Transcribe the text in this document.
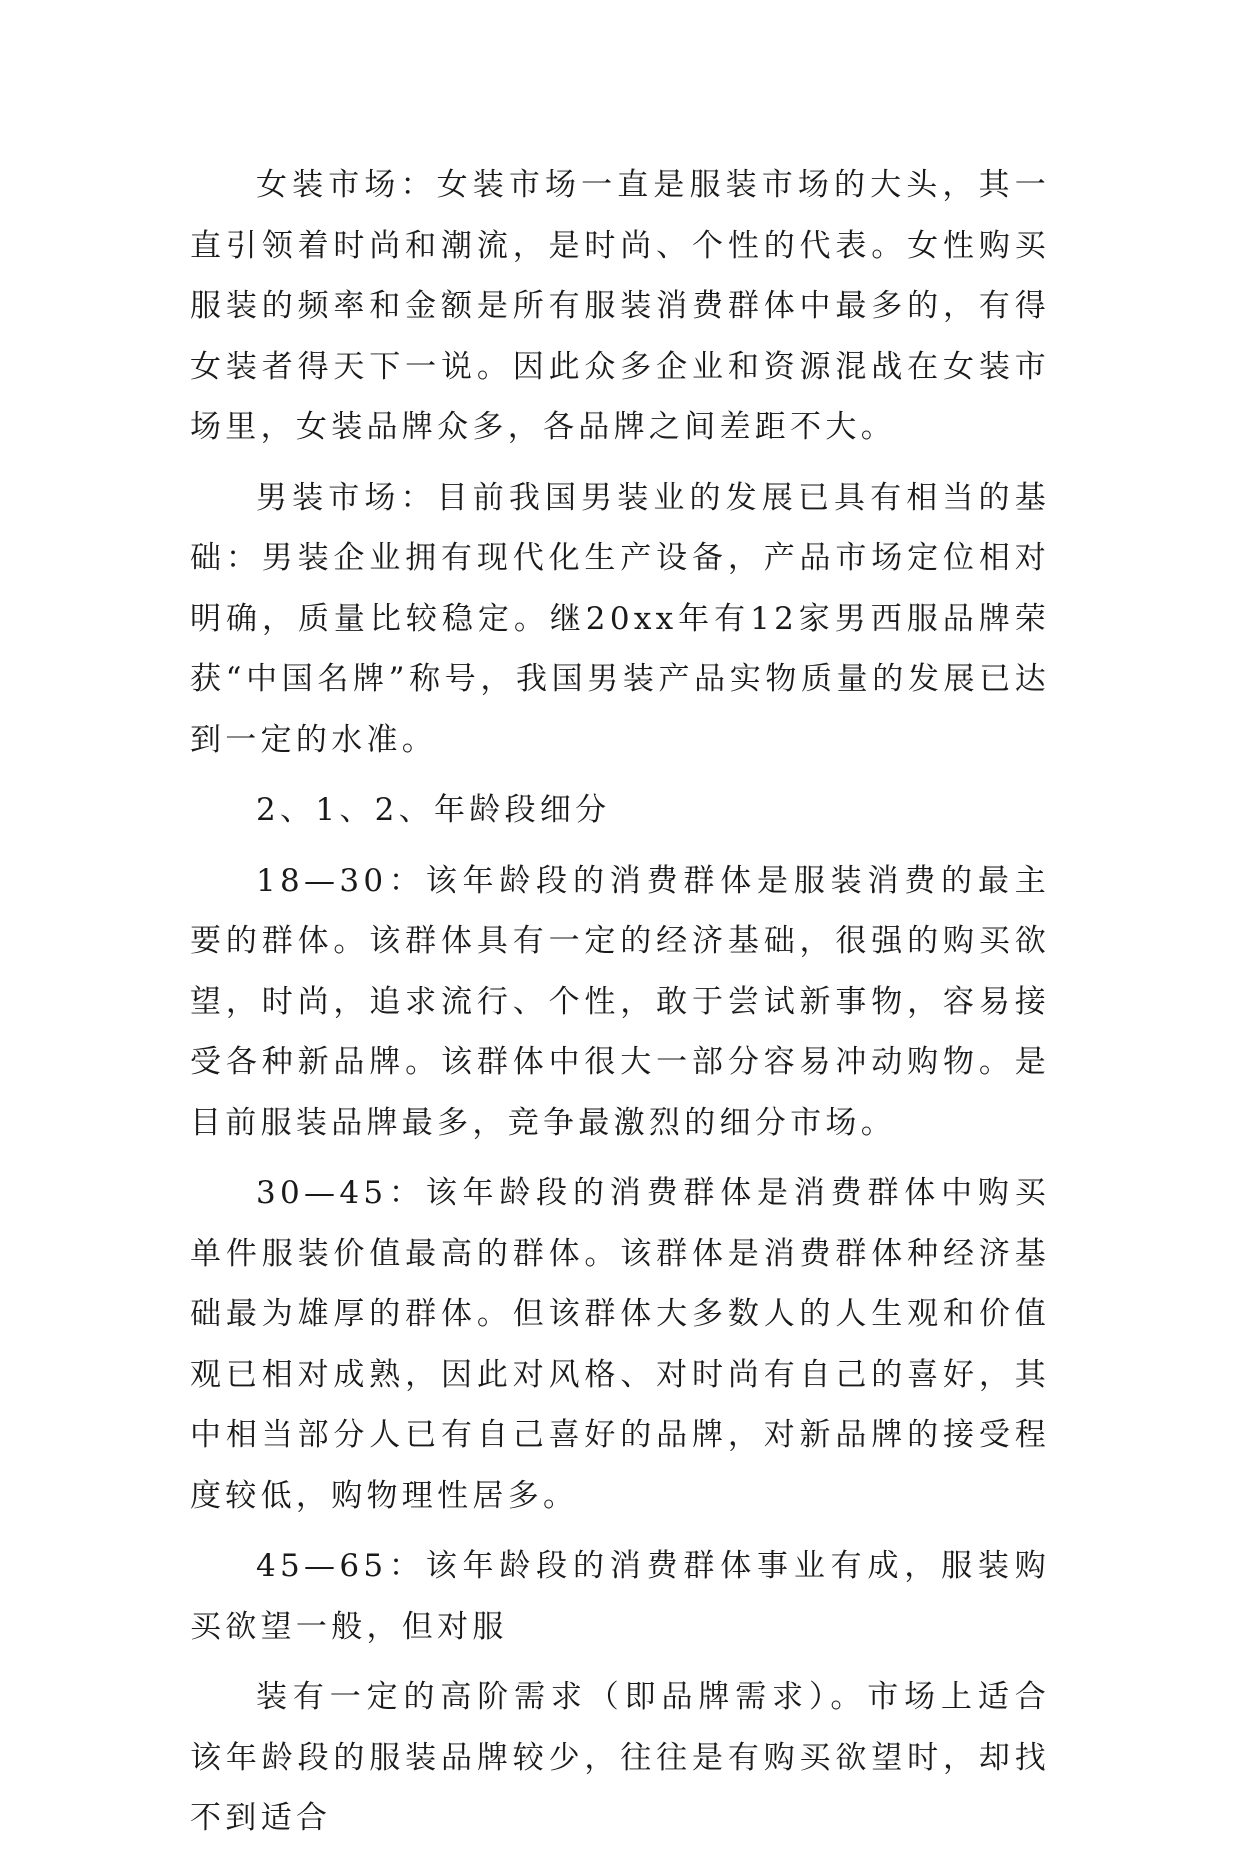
女装市场：女装市场一直是服装市场的大头，其一直引领着时尚和潮流，是时尚、个性的代表。女性购买服装的频率和金额是所有服装消费群体中最多的，有得女装者得天下一说。因此众多企业和资源混战在女装市场里，女装品牌众多，各品牌之间差距不大。

男装市场：目前我国男装业的发展已具有相当的基础：男装企业拥有现代化生产设备，产品市场定位相对明确，质量比较稳定。继20xx年有12家男西服品牌荣获“中国名牌”称号，我国男装产品实物质量的发展已达到一定的水准。

2、1、2、年龄段细分

18—30：该年龄段的消费群体是服装消费的最主要的群体。该群体具有一定的经济基础，很强的购买欲望，时尚，追求流行、个性，敢于尝试新事物，容易接受各种新品牌。该群体中很大一部分容易冲动购物。是目前服装品牌最多，竞争最激烈的细分市场。

30—45：该年龄段的消费群体是消费群体中购买单件服装价值最高的群体。该群体是消费群体种经济基础最为雄厚的群体。但该群体大多数人的人生观和价值观已相对成熟，因此对风格、对时尚有自己的喜好，其中相当部分人已有自己喜好的品牌，对新品牌的接受程度较低，购物理性居多。

45—65：该年龄段的消费群体事业有成，服装购买欲望一般，但对服

装有一定的高阶需求（即品牌需求）。市场上适合该年龄段的服装品牌较少，往往是有购买欲望时，却找不到适合
